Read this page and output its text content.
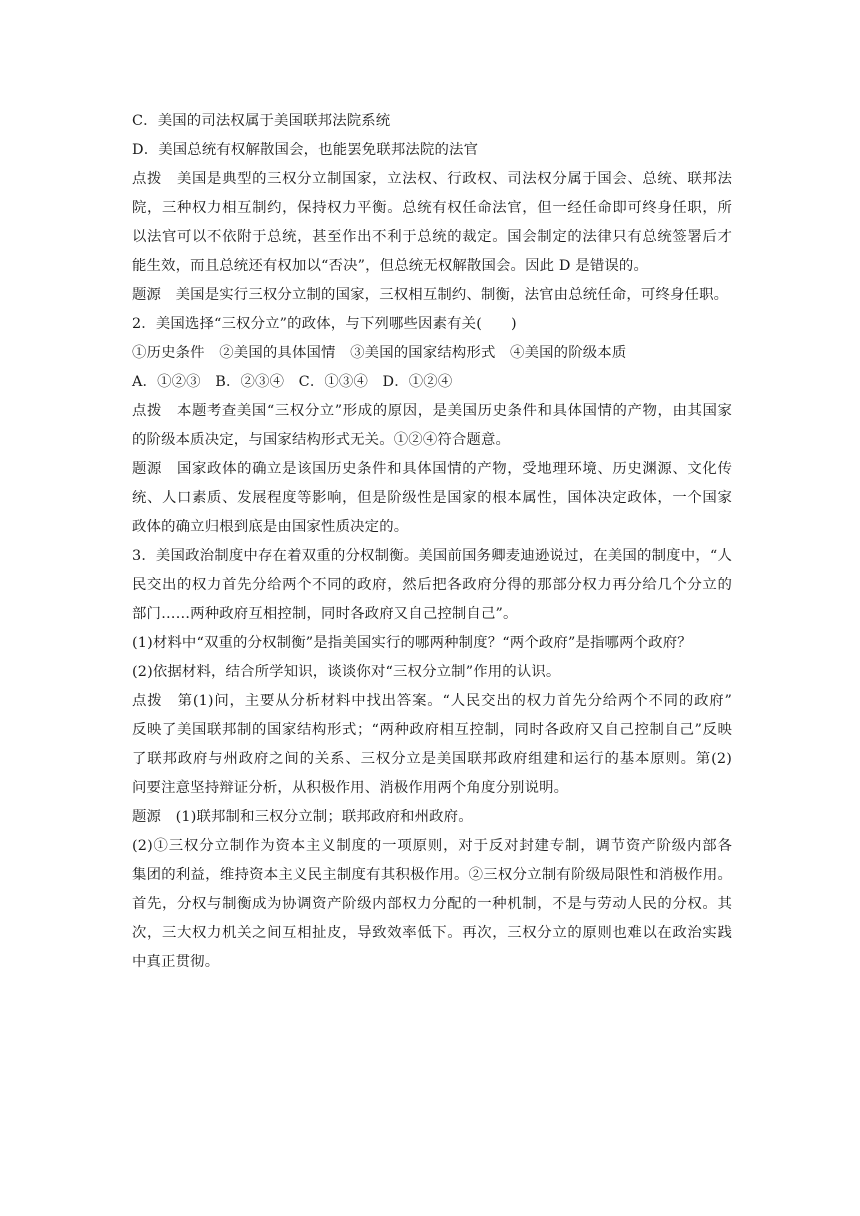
C．美国的司法权属于美国联邦法院系统
D．美国总统有权解散国会，也能罢免联邦法院的法官
点拨　美国是典型的三权分立制国家，立法权、行政权、司法权分属于国会、总统、联邦法
院，三种权力相互制约，保持权力平衡。总统有权任命法官，但一经任命即可终身任职，所
以法官可以不依附于总统，甚至作出不利于总统的裁定。国会制定的法律只有总统签署后才
能生效，而且总统还有权加以“否决”，但总统无权解散国会。因此 D 是错误的。
题源　美国是实行三权分立制的国家，三权相互制约、制衡，法官由总统任命，可终身任职。
2．美国选择“三权分立”的政体，与下列哪些因素有关(　　)
①历史条件　②美国的具体国情　③美国的国家结构形式　④美国的阶级本质
A．①②③　B．②③④　C．①③④　D．①②④
点拨　本题考查美国“三权分立”形成的原因，是美国历史条件和具体国情的产物，由其国家
的阶级本质决定，与国家结构形式无关。①②④符合题意。
题源　国家政体的确立是该国历史条件和具体国情的产物，受地理环境、历史渊源、文化传
统、人口素质、发展程度等影响，但是阶级性是国家的根本属性，国体决定政体，一个国家
政体的确立归根到底是由国家性质决定的。
3．美国政治制度中存在着双重的分权制衡。美国前国务卿麦迪逊说过，在美国的制度中，“人
民交出的权力首先分给两个不同的政府，然后把各政府分得的那部分权力再分给几个分立的
部门……两种政府互相控制，同时各政府又自己控制自己”。
(1)材料中“双重的分权制衡”是指美国实行的哪两种制度？“两个政府”是指哪两个政府？
(2)依据材料，结合所学知识，谈谈你对“三权分立制”作用的认识。
点拨　第(1)问，主要从分析材料中找出答案。“人民交出的权力首先分给两个不同的政府”
反映了美国联邦制的国家结构形式；“两种政府相互控制，同时各政府又自己控制自己”反映
了联邦政府与州政府之间的关系、三权分立是美国联邦政府组建和运行的基本原则。第(2)
问要注意坚持辩证分析，从积极作用、消极作用两个角度分别说明。
题源　(1)联邦制和三权分立制；联邦政府和州政府。
(2)①三权分立制作为资本主义制度的一项原则，对于反对封建专制，调节资产阶级内部各
集团的利益，维持资本主义民主制度有其积极作用。②三权分立制有阶级局限性和消极作用。
首先，分权与制衡成为协调资产阶级内部权力分配的一种机制，不是与劳动人民的分权。其
次，三大权力机关之间互相扯皮，导致效率低下。再次，三权分立的原则也难以在政治实践
中真正贯彻。
